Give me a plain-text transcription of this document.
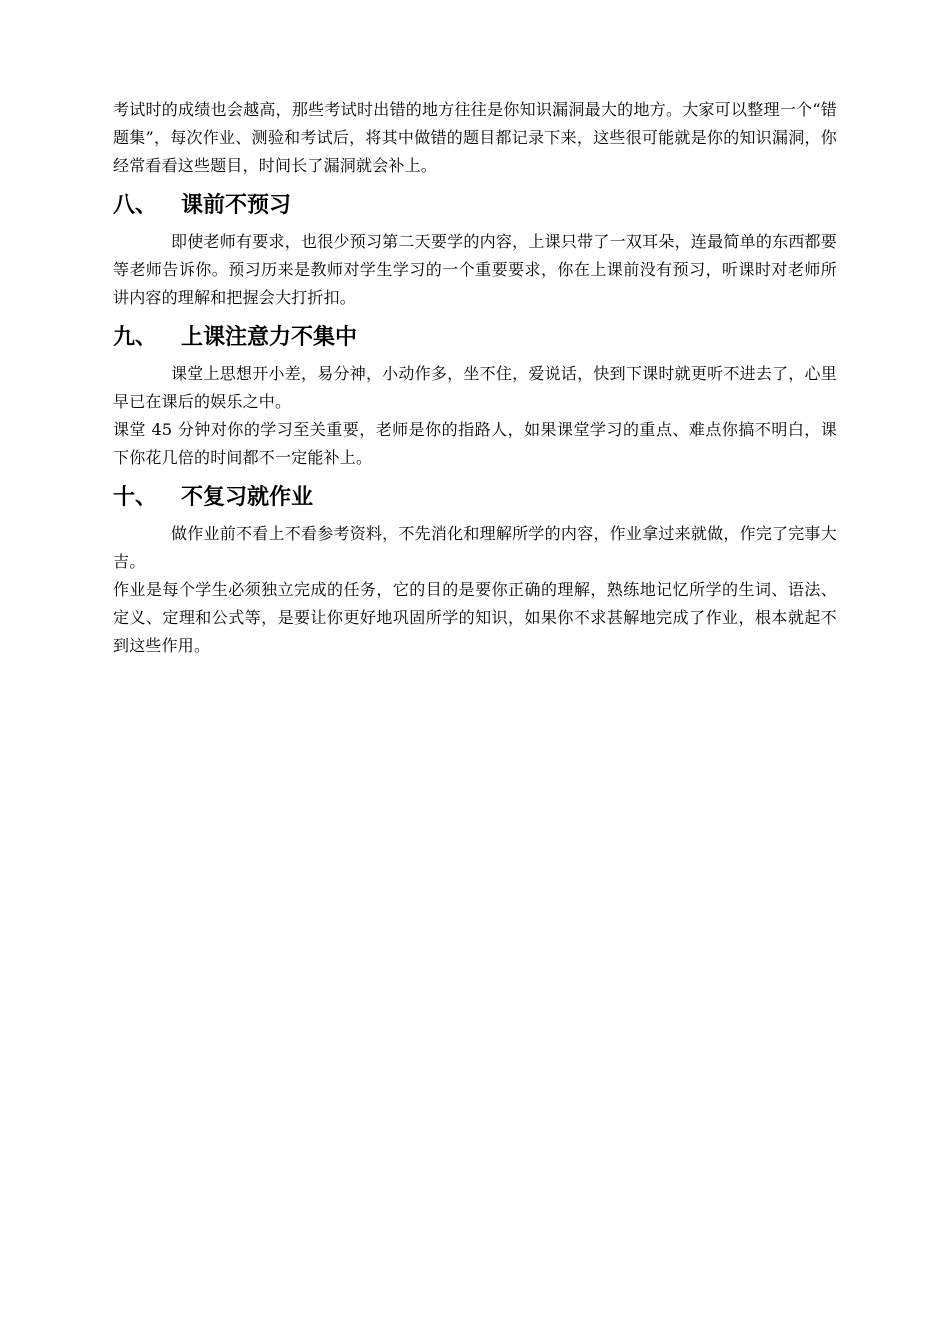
考试时的成绩也会越高，那些考试时出错的地方往往是你知识漏洞最大的地方。大家可以整理一个“错题集”，每次作业、测验和考试后，将其中做错的题目都记录下来，这些很可能就是你的知识漏洞，你经常看看这些题目，时间长了漏洞就会补上。

八、	课前不预习

即使老师有要求，也很少预习第二天要学的内容，上课只带了一双耳朵，连最简单的东西都要等老师告诉你。预习历来是教师对学生学习的一个重要要求，你在上课前没有预习，听课时对老师所讲内容的理解和把握会大打折扣。

九、	上课注意力不集中

课堂上思想开小差，易分神，小动作多，坐不住，爱说话，快到下课时就更听不进去了，心里早已在课后的娱乐之中。

课堂 45 分钟对你的学习至关重要，老师是你的指路人，如果课堂学习的重点、难点你搞不明白，课下你花几倍的时间都不一定能补上。

十、	不复习就作业

做作业前不看上不看参考资料，不先消化和理解所学的内容，作业拿过来就做，作完了完事大吉。

作业是每个学生必须独立完成的任务，它的目的是要你正确的理解，熟练地记忆所学的生词、语法、定义、定理和公式等，是要让你更好地巩固所学的知识，如果你不求甚解地完成了作业，根本就起不到这些作用。
